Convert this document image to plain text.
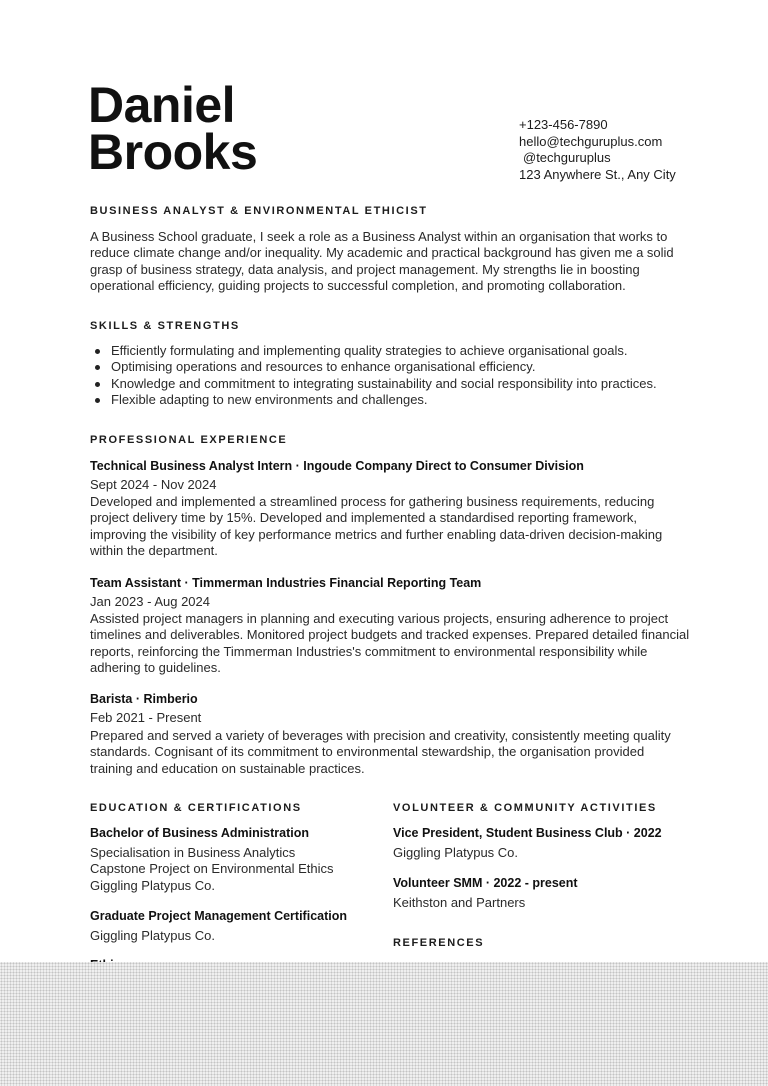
Daniel
Brooks	+123-456-7890
hello@techguruplus.com
@techguruplus
123 Anywhere St., Any City
BUSINESS ANALYST & ENVIRONMENTAL ETHICIST

A Business School graduate, I seek a role as a Business Analyst within an organisation that works to reduce climate change and/or inequality. My academic and practical background has given me a solid grasp of business strategy, data analysis, and project management. My strengths lie in boosting operational efficiency, guiding projects to successful completion, and promoting collaboration.

SKILLS & STRENGTHS
Efficiently formulating and implementing quality strategies to achieve organisational goals.
Optimising operations and resources to enhance organisational efficiency.
Knowledge and commitment to integrating sustainability and social responsibility into practices.
Flexible adapting to new environments and challenges.
PROFESSIONAL EXPERIENCE
Technical Business Analyst Intern · Ingoude Company Direct to Consumer Division
Sept 2024 - Nov 2024

Developed and implemented a streamlined process for gathering business requirements, reducing project delivery time by 15%. Developed and implemented a standardised reporting framework, improving the visibility of key performance metrics and further enabling data-driven decision-making within the department.

Team Assistant · Timmerman Industries Financial Reporting Team
Jan 2023 - Aug 2024

Assisted project managers in planning and executing various projects, ensuring adherence to project timelines and deliverables. Monitored project budgets and tracked expenses. Prepared detailed financial reports, reinforcing the Timmerman Industries's commitment to environmental responsibility while adhering to guidelines.

Barista · Rimberio
Feb 2021 - Present

Prepared and served a variety of beverages with precision and creativity, consistently meeting quality standards. Cognisant of its commitment to environmental stewardship, the organisation provided training and education on sustainable practices.

EDUCATION & CERTIFICATIONS
Bachelor of Business Administration
Specialisation in Business Analytics
Capstone Project on Environmental Ethics
Giggling Platypus Co.
Graduate Project Management Certification
Giggling Platypus Co.
VOLUNTEER & COMMUNITY ACTIVITIES
Vice President, Student Business Club · 2022
Giggling Platypus Co.
Volunteer SMM · 2022 - present
Keithston and Partners
REFERENCES
